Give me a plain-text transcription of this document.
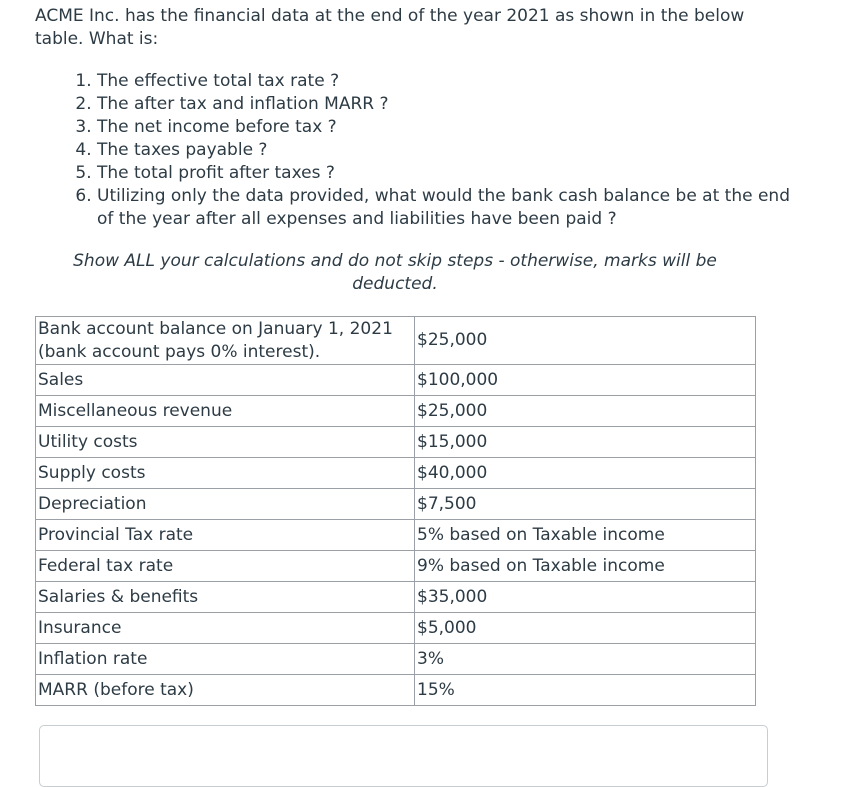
ACME Inc. has the financial data at the end of the year 2021 as shown in the below table. What is:

1. The effective total tax rate ?
2. The after tax and inflation MARR ?
3. The net income before tax ?
4. The taxes payable ?
5. The total profit after taxes ?
6. Utilizing only the data provided, what would the bank cash balance be at the end of the year after all expenses and liabilities have been paid ?

Show ALL your calculations and do not skip steps - otherwise, marks will be deducted.

Bank account balance on January 1, 2021 (bank account pays 0% interest).	$25,000
Sales	$100,000
Miscellaneous revenue	$25,000
Utility costs	$15,000
Supply costs	$40,000
Depreciation	$7,500
Provincial Tax rate	5% based on Taxable income
Federal tax rate	9% based on Taxable income
Salaries & benefits	$35,000
Insurance	$5,000
Inflation rate	3%
MARR (before tax)	15%
